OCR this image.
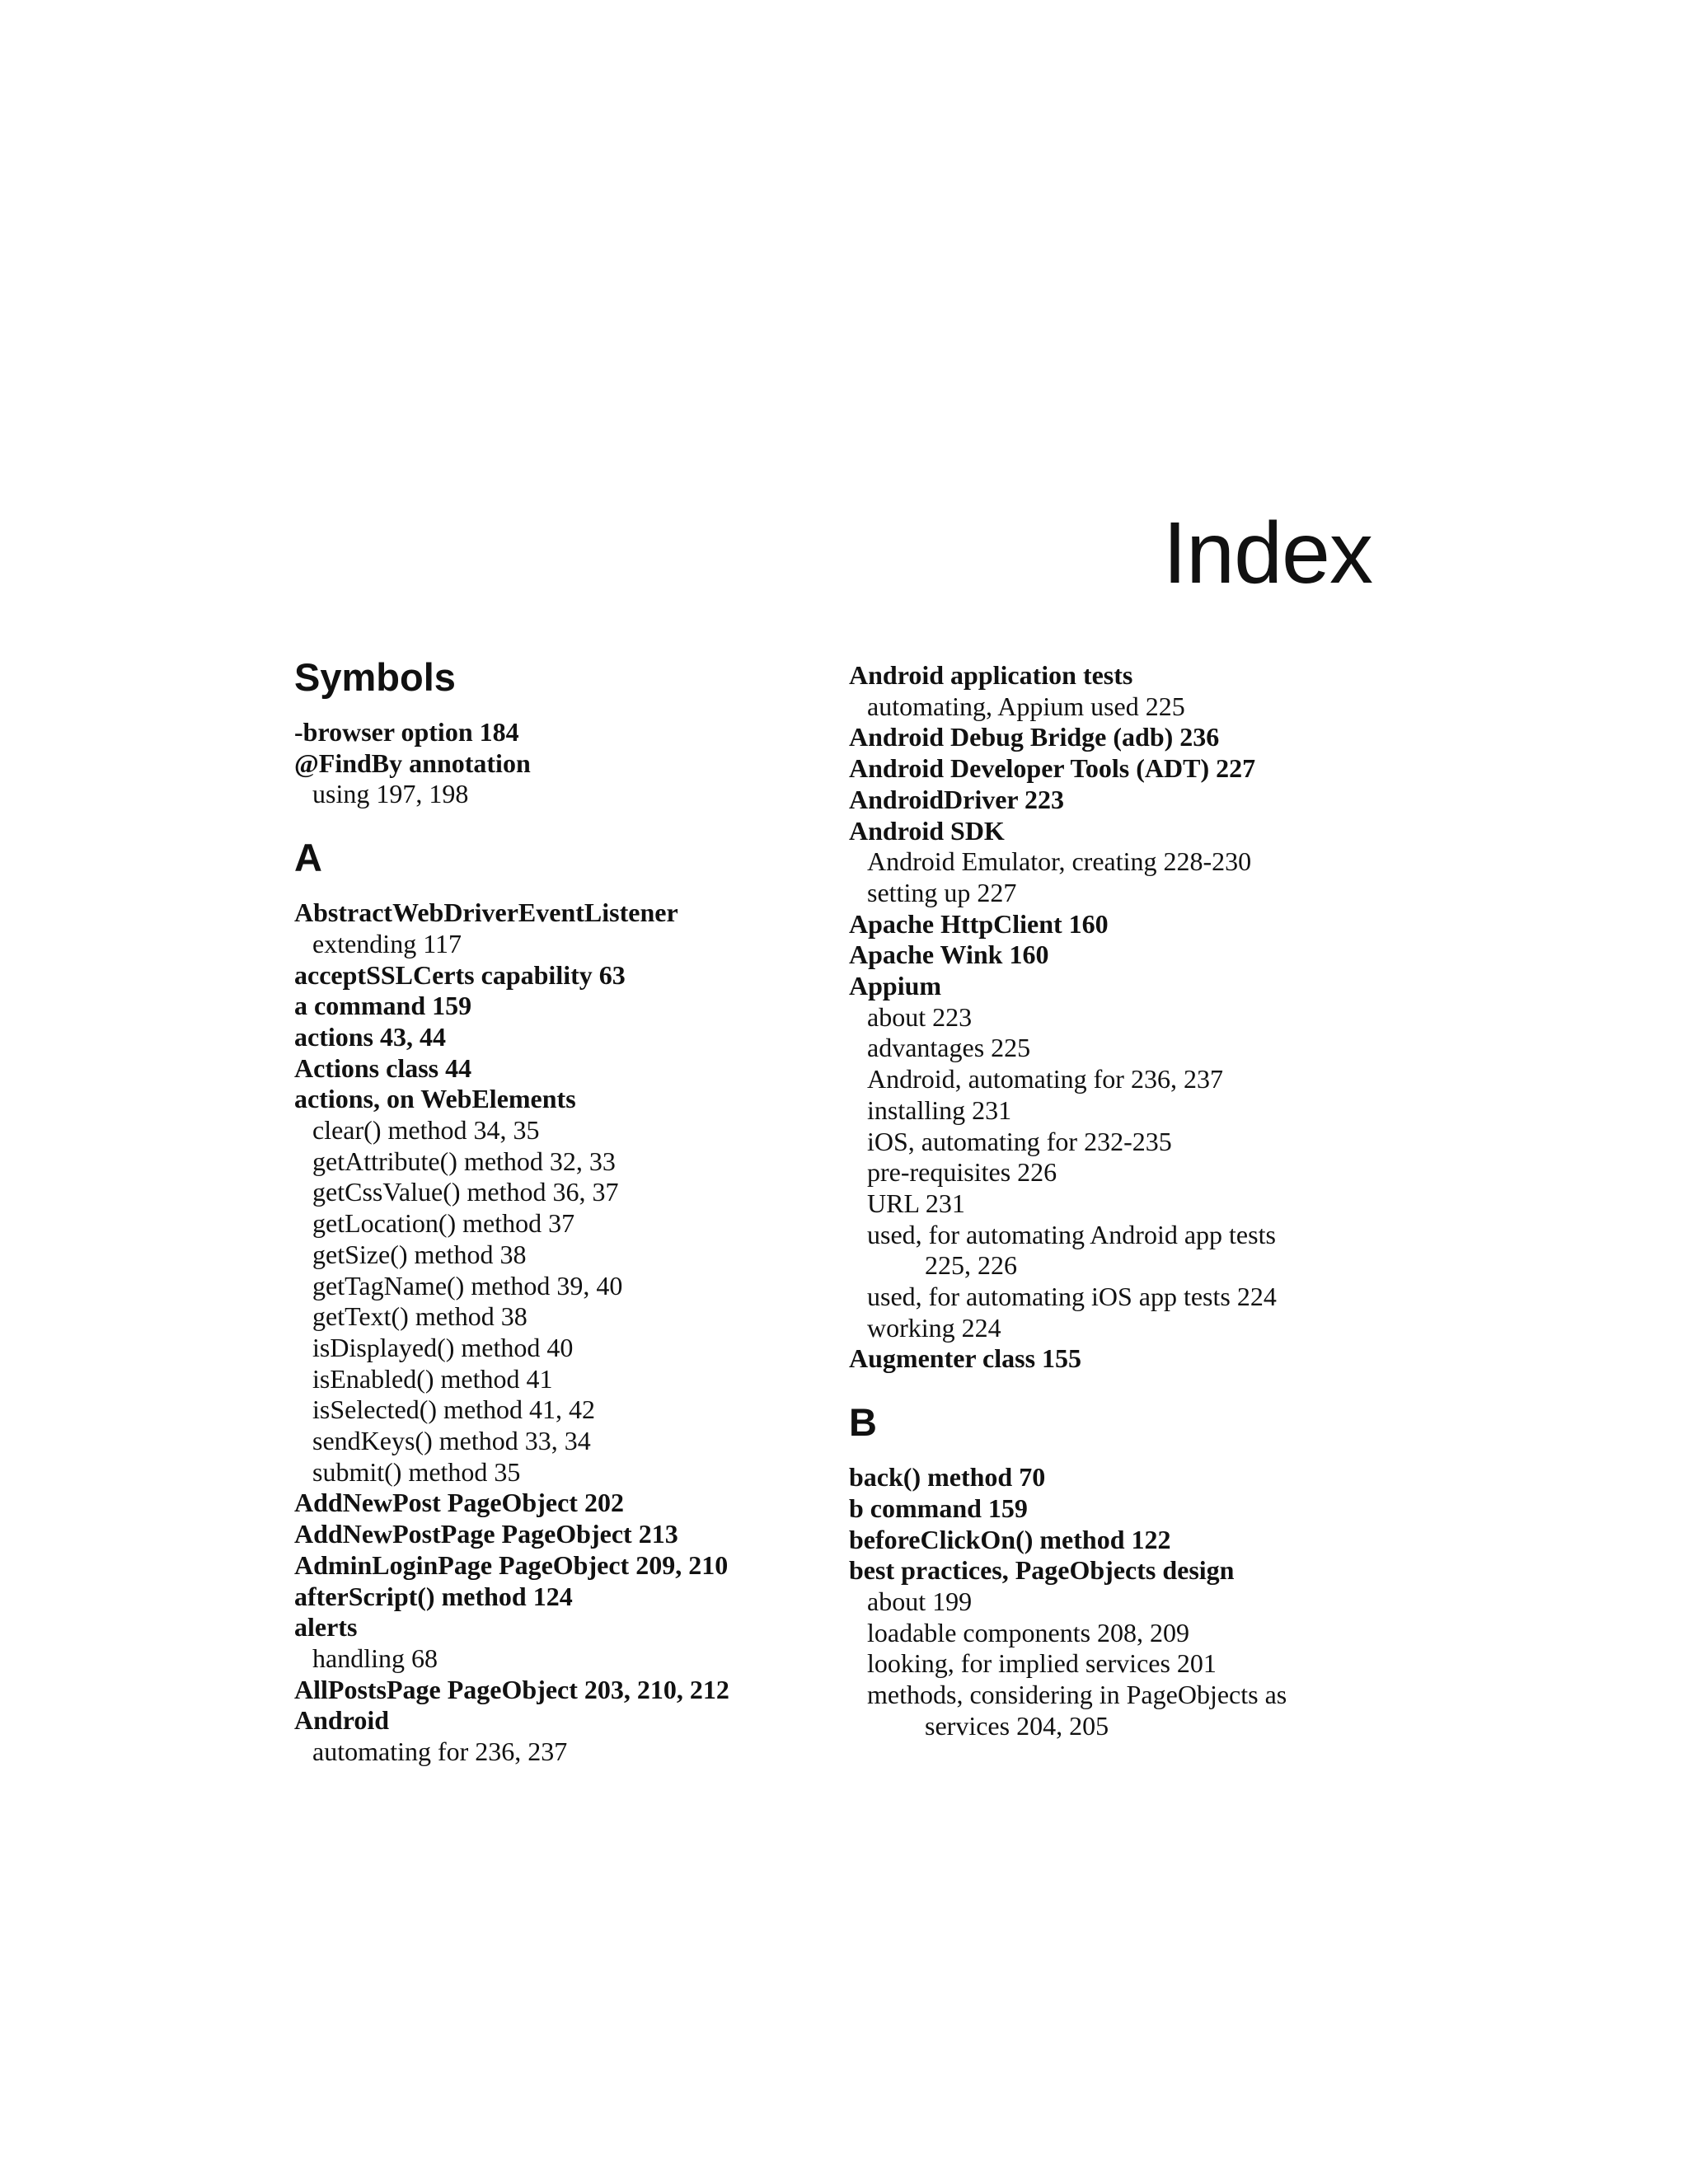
Index
Symbols
-browser option 184
@FindBy annotation
using 197, 198
A
AbstractWebDriverEventListener
extending 117
acceptSSLCerts capability 63
a command 159
actions 43, 44
Actions class 44
actions, on WebElements
clear() method 34, 35
getAttribute() method 32, 33
getCssValue() method 36, 37
getLocation() method 37
getSize() method 38
getTagName() method 39, 40
getText() method 38
isDisplayed() method 40
isEnabled() method 41
isSelected() method 41, 42
sendKeys() method 33, 34
submit() method 35
AddNewPost PageObject 202
AddNewPostPage PageObject 213
AdminLoginPage PageObject 209, 210
afterScript() method 124
alerts
handling 68
AllPostsPage PageObject 203, 210, 212
Android
automating for 236, 237
Android application tests
automating, Appium used 225
Android Debug Bridge (adb) 236
Android Developer Tools (ADT) 227
AndroidDriver 223
Android SDK
Android Emulator, creating 228-230
setting up 227
Apache HttpClient 160
Apache Wink 160
Appium
about 223
advantages 225
Android, automating for 236, 237
installing 231
iOS, automating for 232-235
pre-requisites 226
URL 231
used, for automating Android app tests
225, 226
used, for automating iOS app tests 224
working 224
Augmenter class 155
B
back() method 70
b command 159
beforeClickOn() method 122
best practices, PageObjects design
about 199
loadable components 208, 209
looking, for implied services 201
methods, considering in PageObjects as
services 204, 205
